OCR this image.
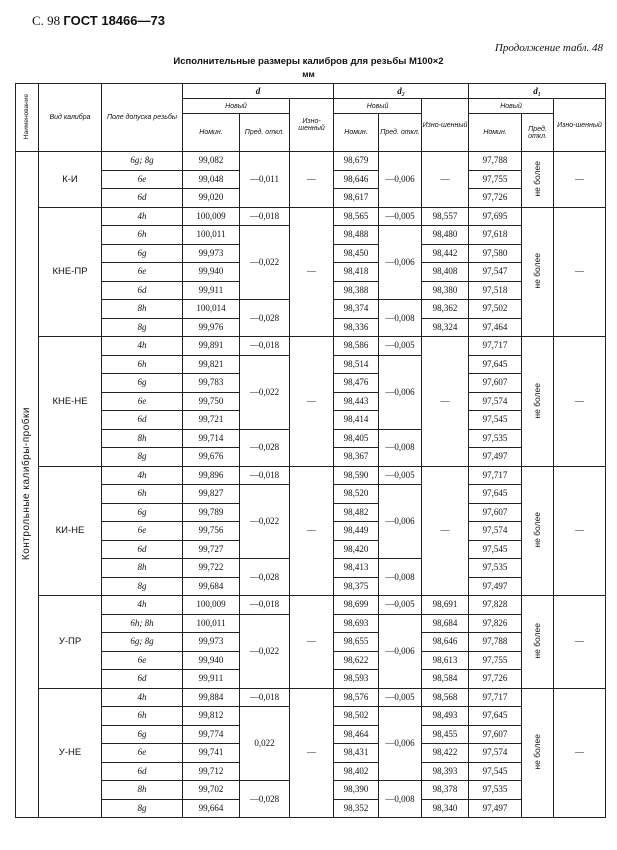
С. 98 ГОСТ 18466—73
Продолжение табл. 48
Исполнительные размеры калибров для резьбы М100×2
мм
Наименование	Вид калибра	Поле допуска резьбы	d			d₂			d₁		
			Новый		Изно-шенный	Новый		Изно-шенный	Новый		Изно-шенный
			Номин.	Пред. откл.		Номин.	Пред. откл.		Номин.	Пред. откл.	
Контрольные калибры-пробки	К-И	6g; 8g	99,082	—0,011	—	98,679	—0,006	—	97,788	не более	—
		6e	99,048			98,646			97,755		
		6d	99,020			98,617			97,726		
	КНЕ-ПР	4h	100,009	—0,018	—	98,565	—0,005	98,557	97,695	не более	—
		6h	100,011	—0,022		98,488	—0,006	98,480	97,618		
		6g	99,973			98,450		98,442	97,580		
		6e	99,940			98,418		98,408	97,547		
		6d	99,911			98,388		98,380	97,518		
		8h	100,014	—0,028		98,374	—0,008	98,362	97,502		
		8g	99,976			98,336		98,324	97,464		
	КНЕ-НЕ	4h	99,891	—0,018	—	98,586	—0,005	—	97,717	не более	—
		6h	99,821	—0,022		98,514	—0,006		97,645		
		6g	99,783			98,476			97,607		
		6e	99,750			98,443			97,574		
		6d	99,721			98,414			97,545		
		8h	99,714	—0,028		98,405	—0,008		97,535		
		8g	99,676			98,367			97,497		
	КИ-НЕ	4h	99,896	—0,018	—	98,590	—0,005	—	97,717	не более	—
		6h	99,827	—0,022		98,520	—0,006		97,645		
		6g	99,789			98,482			97,607		
		6e	99,756			98,449			97,574		
		6d	99,727			98,420			97,545		
		8h	99,722	—0,028		98,413	—0,008		97,535		
		8g	99,684			98,375			97,497		
	У-ПР	4h	100,009	—0,018	—	98,699	—0,005	98,691	97,828	не более	—
		6h; 8h	100,011	—0,022		98,693	—0,006	98,684	97,826		
		6g; 8g	99,973			98,655		98,646	97,788		
		6e	99,940			98,622		98,613	97,755		
		6d	99,911			98,593		98,584	97,726		
	У-НЕ	4h	99,884	—0,018	—	98,576	—0,005	98,568	97,717	не более	—
		6h	99,812	0,022		98,502	—0,006	98,493	97,645		
		6g	99,774			98,464		98,455	97,607		
		6e	99,741			98,431		98,422	97,574		
		6d	99,712			98,402		98,393	97,545		
		8h	99,702	—0,028		98,390	—0,008	98,378	97,535		
		8g	99,664			98,352		98,340	97,497		
